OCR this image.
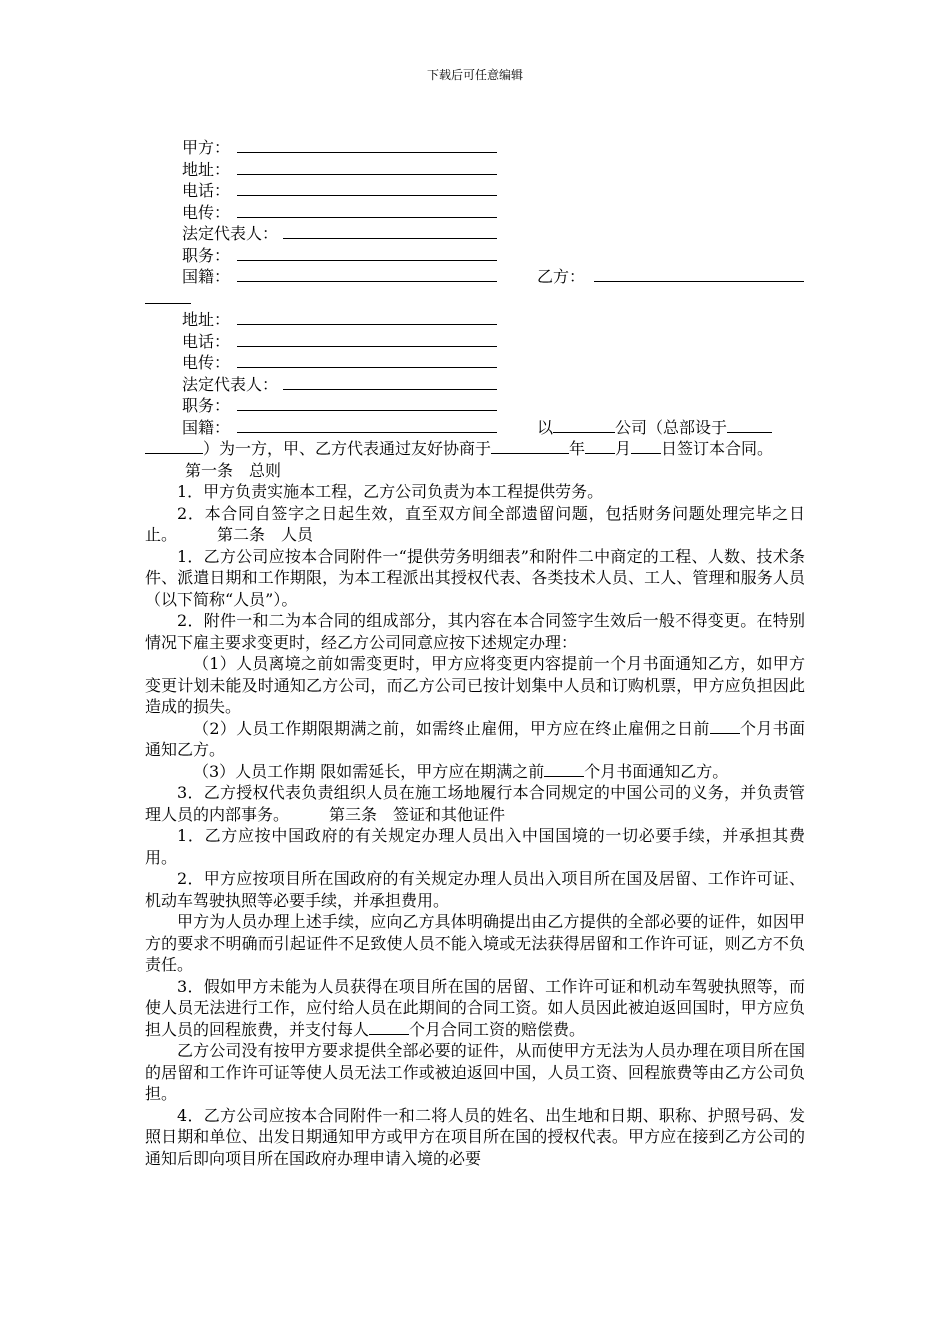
下载后可任意编辑
甲方：
地址：
电话：
电传：
法定代表人：
职务：
国籍：	乙方：
地址：
电话：
电传：
法定代表人：
职务：
国籍：	以	公司（总部设于

）为一方，甲、乙方代表通过友好协商于	年 月 日签订本合同。第一条　总则

1．甲方负责实施本工程，乙方公司负责为本工程提供劳务。

2．本合同自签字之日起生效，直至双方间全部遗留问题，包括财务问题处理完毕之日止。	第二条　人员

1．乙方公司应按本合同附件一“提供劳务明细表”和附件二中商定的工程、人数、技术条件、派遣日期和工作期限，为本工程派出其授权代表、各类技术人员、工人、管理和服务人员（以下简称“人员”）。

2．附件一和二为本合同的组成部分，其内容在本合同签字生效后一般不得变更。在特别情况下雇主要求变更时，经乙方公司同意应按下述规定办理：

（1）人员离境之前如需变更时，甲方应将变更内容提前一个月书面通知乙方，如甲方变更计划未能及时通知乙方公司，而乙方公司已按计划集中人员和订购机票，甲方应负担因此造成的损失。

（2）人员工作期限期满之前，如需终止雇佣，甲方应在终止雇佣之日前 个月书面通知乙方。

（3）人员工作期 限如需延长，甲方应在期满之前	个月书面通知乙方。

3．乙方授权代表负责组织人员在施工场地履行本合同规定的中国公司的义务，并负责管理人员的内部事务。	第三条　签证和其他证件

1．乙方应按中国政府的有关规定办理人员出入中国国境的一切必要手续，并承担其费用。

2．甲方应按项目所在国政府的有关规定办理人员出入项目所在国及居留、工作许可证、机动车驾驶执照等必要手续，并承担费用。

甲方为人员办理上述手续，应向乙方具体明确提出由乙方提供的全部必要的证件，如因甲方的要求不明确而引起证件不足致使人员不能入境或无法获得居留和工作许可证，则乙方不负责任。

3．假如甲方未能为人员获得在项目所在国的居留、工作许可证和机动车驾驶执照等，而使人员无法进行工作，应付给人员在此期间的合同工资。如人员因此被迫返回国时，甲方应负担人员的回程旅费，并支付每人	个月合同工资的赔偿费。

乙方公司没有按甲方要求提供全部必要的证件，从而使甲方无法为人员办理在项目所在国的居留和工作许可证等使人员无法工作或被迫返回中国，人员工资、回程旅费等由乙方公司负担。

4．乙方公司应按本合同附件一和二将人员的姓名、出生地和日期、职称、护照号码、发照日期和单位、出发日期通知甲方或甲方在项目所在国的授权代表。甲方应在接到乙方公司的通知后即向项目所在国政府办理申请入境的必要
